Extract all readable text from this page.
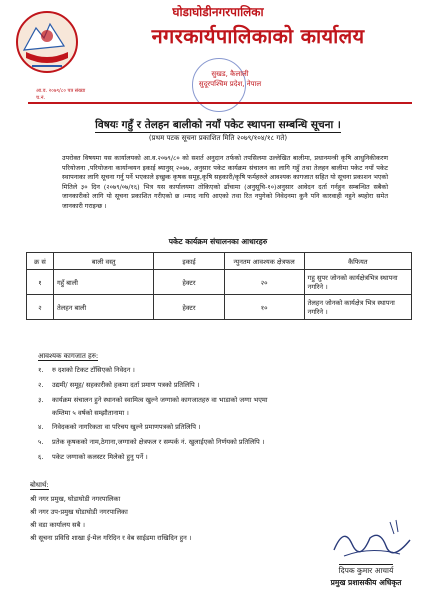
घोडाघोडीनगरपालिका
नगरकार्यपालिकाको कार्यालय
सुखड, कैलाली
सुदूरपश्चिम प्रदेश, नेपाल
आ.व. २०७९/८० पत्र संख्या
च.नं.
विषयः गहुँ र तेलहन बालीको नयाँ पकेट स्थापना सम्बन्धि सूचना ।
(प्रथम पटक सूचना प्रकाशित मिति २०७९/१०४/१८ गते)
उपरोक्त विषयमा यस कार्यालयको आ.व.२०७९/८० को सशर्त अनुदान तर्फको तपसिलमा उल्लेखित बालीमा, प्रधानमन्त्री कृषि आधुनिकीकरण परियोजना ,परियोजना कार्यान्वयन इकाई ब्यानुस् २०७७, अनुसार पकेट कार्यक्रम संचालन का लागि गहुँ तथा तेलहन बालीमा पकेट नयाँ पकेट स्थापनाका लागि सूचना गर्नु पर्ने भएकाले इच्छुक कृषक समूह,कृषि सहकारी/कृषि फर्महरुले आवश्यक कागजात सहित यो सूचना प्रकाशन भएको मितिले ३० दिन (२०७९/०७/१६) भित्र यस कार्यालयमा तोकिएको ढाँचामा (अनुसूचि-१०)अनुसार आवेदन दर्ता गर्नहुन सम्बन्धित सबैको जानकारीको लागि यो सूचना प्रकाशित गरीएको छ ।म्याद नाघि आएको तथा रित नपुगेको निवेदनमा कुनै पनि कारवाही नहुने ब्यहोरा समेत जानकारी गराइन्छ ।
पकेट कार्यक्रम संचालनका आधारहरु
क्र सं	बाली वस्तु	इकाई	न्युनतम आवश्यक क्षेत्रफल	कैफियत
१	गहुँ बाली	हेक्टर	२०	गहु सुपर जोनको कार्यक्षेत्रभित्र स्थापना नगरिने ।
२	तेलहन बाली	हेक्टर	१०	तेलहन जोनको कार्यक्षेत्र भित्र स्थापना नगरिने ।
आवश्यक कागजात हरु:
१. रु दशको टिकट टाँसिएको निवेदन ।
२. उद्यमी/ समूह/ सहकारीको हकमा दर्ता प्रमाण पत्रको प्रतिलिपि ।
३. कार्यक्रम संचालन हुने स्थानको स्वामित्व खुल्ने जग्गाको कागजातहरु वा भाडाको जग्गा भएमा
कम्तिमा ५ वर्षको सम्झौतानामा ।
४. निवेदकको नागरिकता वा परिचय खुल्ने प्रमाणपत्रको प्रतिलिपि ।
५. प्रतेक कृषकको नाम,ठेगाना,जग्गाको क्षेत्रफल र सम्पर्क नं. खुलाईएको निर्णयको प्रतिलिपि ।
६. पकेट जग्गाको कलस्टर मिलेको हुनु पर्ने ।
बोधार्थ:
श्री नगर प्रमुख, घोडाघोडी नगरपालिका
श्री नगर उप-प्रमुख घोडाघोडी नगरपालिका
श्री वडा कार्यालय सबै ।
श्री सूचना प्रविधि शाखा ई-मेल गरिदिन र वेब साईडमा राखिदिन हुन ।
दिपक कुमार आचार्य
प्रमुख प्रशासकीय अधिकृत
